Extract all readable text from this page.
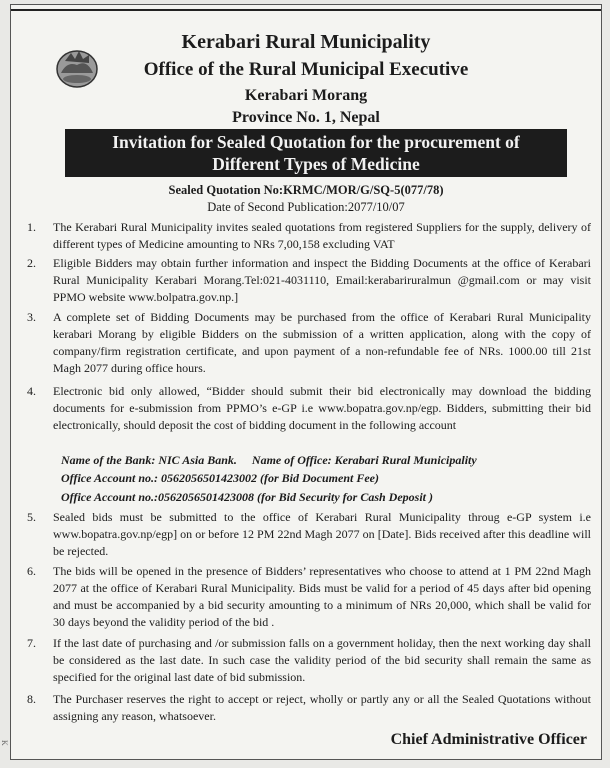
Kerabari Rural Municipality
Office of the Rural Municipal Executive
Kerabari Morang
Province No. 1, Nepal
Invitation for Sealed Quotation for the procurement of
Different Types of Medicine
Sealed Quotation No:KRMC/MOR/G/SQ-5(077/78)
Date of Second Publication:2077/10/07
1. The Kerabari Rural Municipality invites sealed quotations from registered Suppliers for the supply, delivery of different types of Medicine amounting to NRs 7,00,158 excluding VAT
2. Eligible Bidders may obtain further information and inspect the Bidding Documents at the office of Kerabari Rural Municipality Kerabari Morang.Tel:021-4031110, Email:kerabariruralmun @gmail.com or may visit PPMO website www.bolpatra.gov.np.]
3. A complete set of Bidding Documents may be purchased from the office of Kerabari Rural Municipality kerabari Morang by eligible Bidders on the submission of a written application, along with the copy of company/firm registration certificate, and upon payment of a non-refundable fee of NRs. 1000.00 till 21st Magh 2077 during office hours.
4. Electronic bid only allowed, “Bidder should submit their bid electronically may download the bidding documents for e-submission from PPMO’s e-GP i.e www.bopatra.gov.np/egp. Bidders, submitting their bid electronically, should deposit the cost of bidding document in the following account
Name of the Bank: NIC Asia Bank.     Name of Office: Kerabari Rural Municipality
Office Account no.: 0562056501423002 (for Bid Document Fee)
Office Account no.:0562056501423008 (for Bid Security for Cash Deposit )
5. Sealed bids must be submitted to the office of Kerabari Rural Municipality throug e-GP system i.e www.bopatra.gov.np/egp] on or before 12 PM 22nd Magh 2077 on [Date]. Bids received after this deadline will be rejected.
6. The bids will be opened in the presence of Bidders’ representatives who choose to attend at 1 PM 22nd Magh 2077 at the office of Kerabari Rural Municipality. Bids must be valid for a period of 45 days after bid opening and must be accompanied by a bid security amounting to a minimum of NRs 20,000, which shall be valid for 30 days beyond the validity period of the bid .
7. If the last date of purchasing and /or submission falls on a government holiday, then the next working day shall be considered as the last date. In such case the validity period of the bid security shall remain the same as specified for the original last date of bid submission.
8. The Purchaser reserves the right to accept or reject, wholly or partly any or all the Sealed Quotations without assigning any reason, whatsoever.
Chief Administrative Officer
K
